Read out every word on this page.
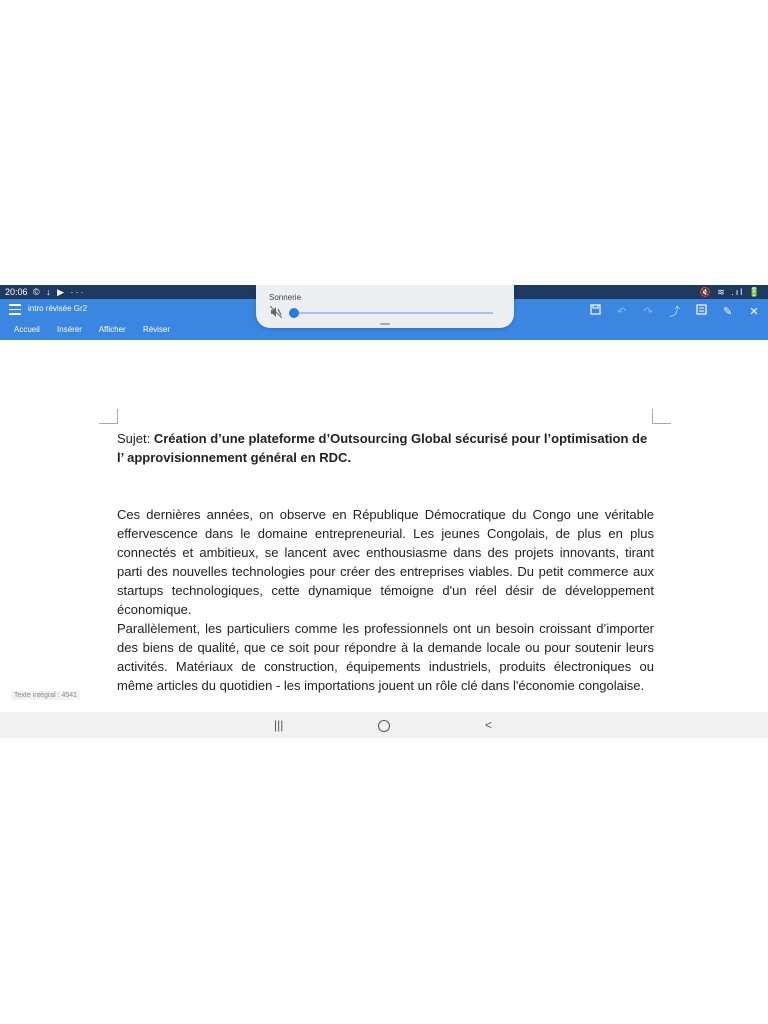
20:06 © ↓ ▶ ···	🔇 ≋ .ıl 🔋
intro révisée Gr2
Accueil Insérer Afficher Réviser
↶ ↷ ⤴	✎ ✕
Sonnerie
Sujet: Création d’une plateforme d’Outsourcing Global sécurisé pour l’optimisation de l’ approvisionnement général en RDC.

Ces dernières années, on observe en République Démocratique du Congo une véritable effervescence dans le domaine entrepreneurial. Les jeunes Congolais, de plus en plus connectés et ambitieux, se lancent avec enthousiasme dans des projets innovants, tirant parti des nouvelles technologies pour créer des entreprises viables. Du petit commerce aux startups technologiques, cette dynamique témoigne d'un réel désir de développement économique.

Parallèlement, les particuliers comme les professionnels ont un besoin croissant d’importer des biens de qualité, que ce soit pour répondre à la demande locale ou pour soutenir leurs activités. Matériaux de construction, équipements industriels, produits électroniques ou même articles du quotidien - les importations jouent un rôle clé dans l'économie congolaise.

Texte intégral : 4541
|||	<
